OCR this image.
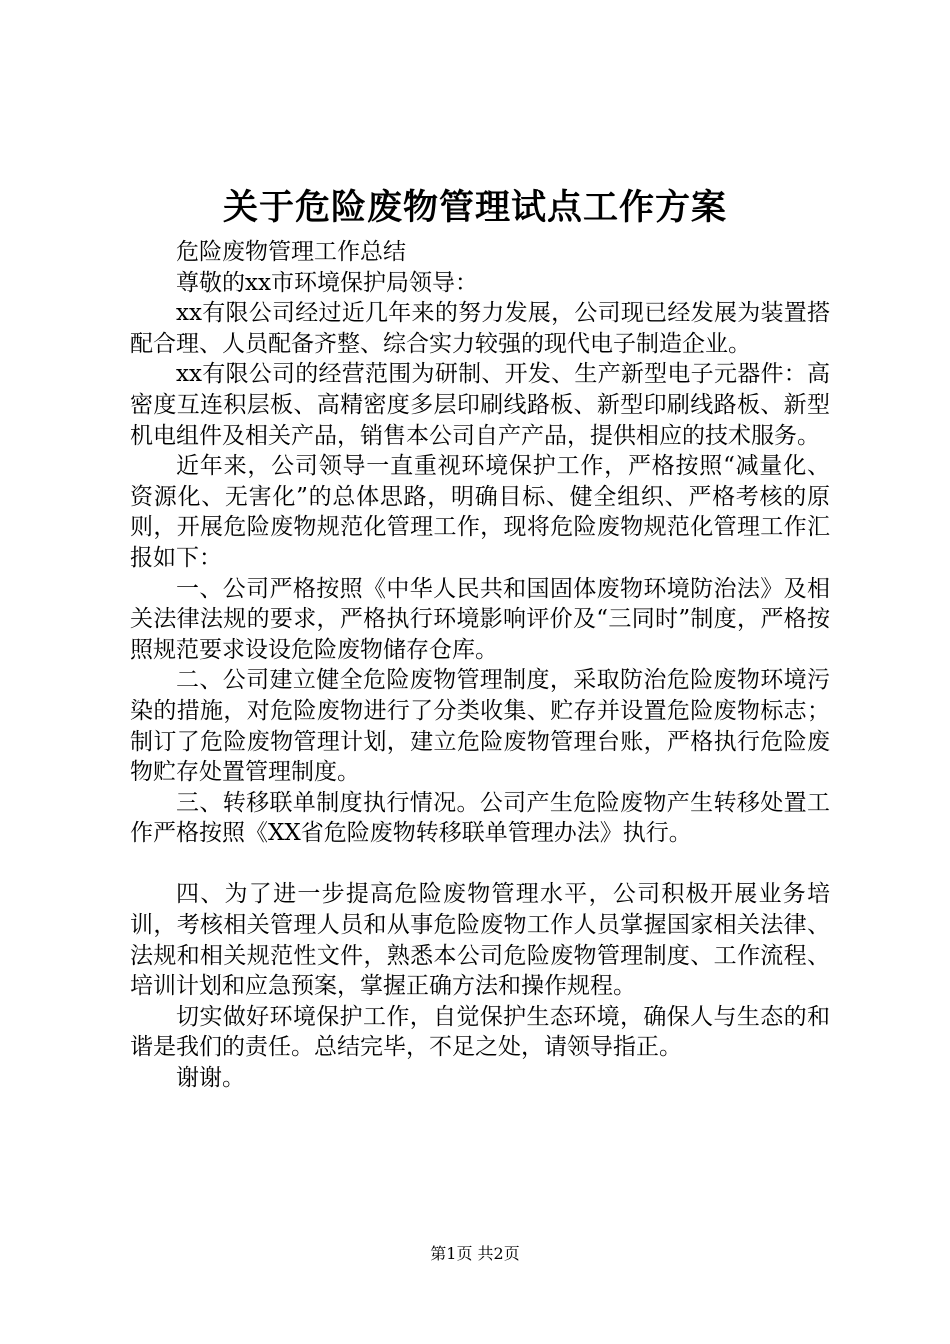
关于危险废物管理试点工作方案

危险废物管理工作总结

尊敬的xx市环境保护局领导：

xx有限公司经过近几年来的努力发展，公司现已经发展为装置搭配合理、人员配备齐整、综合实力较强的现代电子制造企业。

xx有限公司的经营范围为研制、开发、生产新型电子元器件：高密度互连积层板、高精密度多层印刷线路板、新型印刷线路板、新型机电组件及相关产品，销售本公司自产产品，提供相应的技术服务。

近年来，公司领导一直重视环境保护工作，严格按照“减量化、资源化、无害化”的总体思路，明确目标、健全组织、严格考核的原则，开展危险废物规范化管理工作，现将危险废物规范化管理工作汇报如下：

一、公司严格按照《中华人民共和国固体废物环境防治法》及相关法律法规的要求，严格执行环境影响评价及“三同时”制度，严格按照规范要求设设危险废物储存仓库。

二、公司建立健全危险废物管理制度，采取防治危险废物环境污染的措施，对危险废物进行了分类收集、贮存并设置危险废物标志；制订了危险废物管理计划，建立危险废物管理台账，严格执行危险废物贮存处置管理制度。

三、转移联单制度执行情况。公司产生危险废物产生转移处置工作严格按照《XX省危险废物转移联单管理办法》执行。

四、为了进一步提高危险废物管理水平，公司积极开展业务培训，考核相关管理人员和从事危险废物工作人员掌握国家相关法律、法规和相关规范性文件，熟悉本公司危险废物管理制度、工作流程、培训计划和应急预案，掌握正确方法和操作规程。

切实做好环境保护工作，自觉保护生态环境，确保人与生态的和谐是我们的责任。总结完毕，不足之处，请领导指正。

谢谢。

第1页 共2页
